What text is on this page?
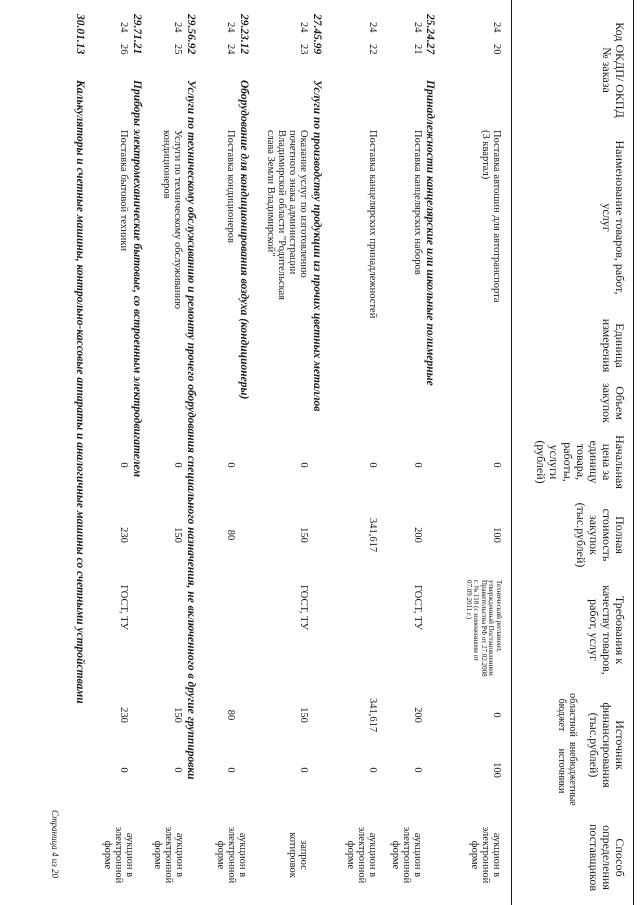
Код ОКДП/ ОКПД № заказа
Наименование товаров, работ, услуг
Единица измерения
Объем закупок
Начальная цена за единицу товара, работы,
услуги (рублей)
Полная стоимость закупок (тыс.рублей)
Требования к качеству товаров, работ, услуг
Источник финансирования (тыс.рублей)
областной бюджет
внебюджетные источники
Способ определения поставщиков
24
20
Поставка автошин для автотранспорта (3 квартал)
0
100
Технический регламент, утвержденный Постановлением Правительства РФ от 27.02.2008 г. № 118 (с изменениями от 07.09.2011 г.)
0
100
аукцион в электронной форме
25.24.27
Принадлежности канцелярские или школьные полимерные
24
21
Поставка канцелярских наборов
0
200
ГОСТ, ТУ
200
0
аукцион в электронной форме
24
22
Поставка канцелярских принадлежностей
0
341,617
341,617
0
аукцион в электронной форме
27.45.99
Услуги по производству продукции из прочих цветных металлов
24
23
Оказание услуг по изготовлению почетного знака администрации Владимирской области "Родительская слава Земли Владимирской"
0
150
ГОСТ, ТУ
150
0
запрос котировок
29.23.12
Оборудование для кондиционирования воздуха (кондиционеры)
24
24
Поставка кондиционеров
0
80
80
0
аукцион в электронной форме
29.56.92
Услуги по техническому обслуживанию и ремонту прочего оборудования специального назначения, не включенного в другие группировки
24
25
Услуги по техническому обслуживанию кондиционеров
0
150
150
0
аукцион в электронной форме
29.71.21
Приборы электромеханические бытовые, со встроенным электродвигателем
24
26
Поставка бытовой техники
0
230
ГОСТ, ТУ
230
0
аукцион в электронной форме
30.01.13
Калькуляторы и счетные машины, контрольно-кассовые аппараты и аналогичные машины со счетными устройствами
Страница 4 из 20
